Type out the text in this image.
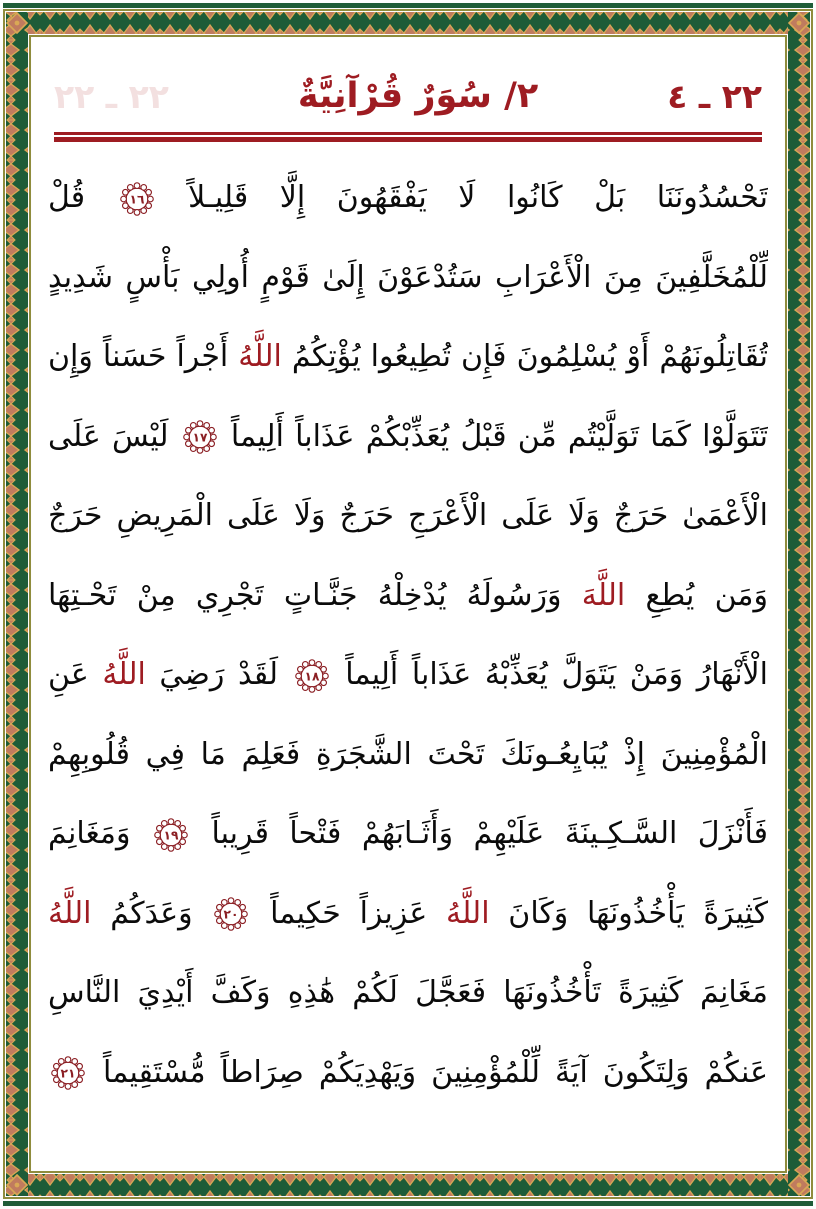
٢٢ ـ ٤
٢/ سُوَرٌ قُرْآنِيَّةٌ
٢٢ ـ ٢٢
تَحْسُدُونَنَا بَلْ كَانُوا لَا يَفْقَهُونَ إِلَّا قَلِيـلاً
١٦
قُلْ
لِّلْمُخَلَّفِينَ مِنَ الْأَعْرَابِ سَتُدْعَوْنَ إِلَىٰ قَوْمٍ أُولِي بَأْسٍ شَدِيدٍ
تُقَاتِلُونَهُمْ أَوْ يُسْلِمُونَ فَإِن تُطِيعُوا يُؤْتِكُمُ اللَّهُ أَجْراً حَسَناً وَإِن
تَتَوَلَّوْا كَمَا تَوَلَّيْتُم مِّن قَبْلُ يُعَذِّبْكُمْ عَذَاباً أَلِيماً
١٧
لَيْسَ عَلَى
الْأَعْمَىٰ حَرَجٌ وَلَا عَلَى الْأَعْرَجِ حَرَجٌ وَلَا عَلَى الْمَرِيضِ حَرَجٌ
وَمَن يُطِعِ اللَّهَ وَرَسُولَهُ يُدْخِلْهُ جَنَّـاتٍ تَجْرِي مِنْ تَحْـتِهَا
الْأَنْهَارُ وَمَنْ يَتَوَلَّ يُعَذِّبْهُ عَذَاباً أَلِيماً
١٨
لَقَدْ رَضِيَ اللَّهُ عَنِ
الْمُؤْمِنِينَ إِذْ يُبَايِعُـونَكَ تَحْتَ الشَّجَرَةِ فَعَلِمَ مَا فِي قُلُوبِهِمْ
فَأَنْزَلَ السَّـكِـينَةَ عَلَيْهِمْ وَأَثَـابَهُمْ فَتْحاً قَرِيباً
١٩
وَمَغَانِمَ
كَثِيرَةً يَأْخُذُونَهَا وَكَانَ اللَّهُ عَزِيزاً حَكِيماً
٢٠
وَعَدَكُمُ اللَّهُ
مَغَانِمَ كَثِيرَةً تَأْخُذُونَهَا فَعَجَّلَ لَكُمْ هَٰذِهِ وَكَفَّ أَيْدِيَ النَّاسِ
عَنكُمْ وَلِتَكُونَ آيَةً لِّلْمُؤْمِنِينَ وَيَهْدِيَكُمْ صِرَاطاً مُّسْتَقِيماً
٢١
